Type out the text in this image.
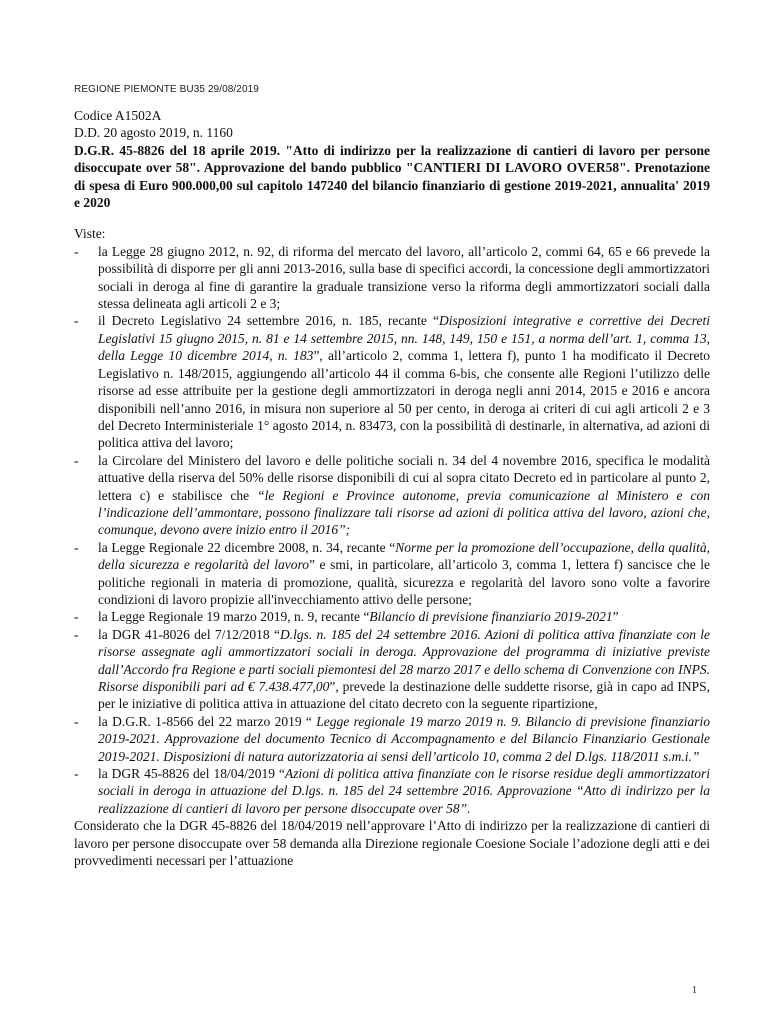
REGIONE PIEMONTE BU35 29/08/2019
Codice A1502A
D.D. 20 agosto 2019, n. 1160

D.G.R. 45-8826 del 18 aprile 2019. "Atto di indirizzo per la realizzazione di cantieri di lavoro per persone disoccupate over 58". Approvazione del bando pubblico "CANTIERI DI LAVORO OVER58". Prenotazione di spesa di Euro 900.000,00 sul capitolo 147240 del bilancio finanziario di gestione 2019-2021, annualita' 2019 e 2020

Viste:
- la Legge 28 giugno 2012, n. 92, di riforma del mercato del lavoro, all’articolo 2, commi 64, 65 e 66 prevede la possibilità di disporre per gli anni 2013-2016, sulla base di specifici accordi, la concessione degli ammortizzatori sociali in deroga al fine di garantire la graduale transizione verso la riforma degli ammortizzatori sociali dalla stessa delineata agli articoli 2 e 3;
- il Decreto Legislativo 24 settembre 2016, n. 185, recante “Disposizioni integrative e correttive dei Decreti Legislativi 15 giugno 2015, n. 81 e 14 settembre 2015, nn. 148, 149, 150 e 151, a norma dell’art. 1, comma 13, della Legge 10 dicembre 2014, n. 183”, all’articolo 2, comma 1, lettera f), punto 1 ha modificato il Decreto Legislativo n. 148/2015, aggiungendo all’articolo 44 il comma 6-bis, che consente alle Regioni l’utilizzo delle risorse ad esse attribuite per la gestione degli ammortizzatori in deroga negli anni 2014, 2015 e 2016 e ancora disponibili nell’anno 2016, in misura non superiore al 50 per cento, in deroga ai criteri di cui agli articoli 2 e 3 del Decreto Interministeriale 1° agosto 2014, n. 83473, con la possibilità di destinarle, in alternativa, ad azioni di politica attiva del lavoro;
- la Circolare del Ministero del lavoro e delle politiche sociali n. 34 del 4 novembre 2016, specifica le modalità attuative della riserva del 50% delle risorse disponibili di cui al sopra citato Decreto ed in particolare al punto 2, lettera c) e stabilisce che “le Regioni e Province autonome, previa comunicazione al Ministero e con l’indicazione dell’ammontare, possono finalizzare tali risorse ad azioni di politica attiva del lavoro, azioni che, comunque, devono avere inizio entro il 2016”;
- la Legge Regionale 22 dicembre 2008, n. 34, recante “Norme per la promozione dell’occupazione, della qualità, della sicurezza e regolarità del lavoro” e smi, in particolare, all’articolo 3, comma 1, lettera f) sancisce che le politiche regionali in materia di promozione, qualità, sicurezza e regolarità del lavoro sono volte a favorire condizioni di lavoro propizie all'invecchiamento attivo delle persone;
- la Legge Regionale 19 marzo 2019, n. 9, recante “Bilancio di previsione finanziario 2019-2021”
- la DGR 41-8026 del 7/12/2018 “D.lgs. n. 185 del 24 settembre 2016. Azioni di politica attiva finanziate con le risorse assegnate agli ammortizzatori sociali in deroga. Approvazione del programma di iniziative previste dall’Accordo fra Regione e parti sociali piemontesi del 28 marzo 2017 e dello schema di Convenzione con INPS. Risorse disponibili pari ad € 7.438.477,00”, prevede la destinazione delle suddette risorse, già in capo ad INPS, per le iniziative di politica attiva in attuazione del citato decreto con la seguente ripartizione,
- la D.G.R. 1-8566 del 22 marzo 2019 “ Legge regionale 19 marzo 2019 n. 9. Bilancio di previsione finanziario 2019-2021. Approvazione del documento Tecnico di Accompagnamento e del Bilancio Finanziario Gestionale 2019-2021. Disposizioni di natura autorizzatoria ai sensi dell’articolo 10, comma 2 del D.lgs. 118/2011 s.m.i.”
- la DGR 45-8826 del 18/04/2019 “Azioni di politica attiva finanziate con le risorse residue degli ammortizzatori sociali in deroga in attuazione del D.lgs. n. 185 del 24 settembre 2016. Approvazione “Atto di indirizzo per la realizzazione di cantieri di lavoro per persone disoccupate over 58”.

Considerato che la DGR 45-8826 del 18/04/2019 nell’approvare l’Atto di indirizzo per la realizzazione di cantieri di lavoro per persone disoccupate over 58 demanda alla Direzione regionale Coesione Sociale l’adozione degli atti e dei provvedimenti necessari per l’attuazione

1
